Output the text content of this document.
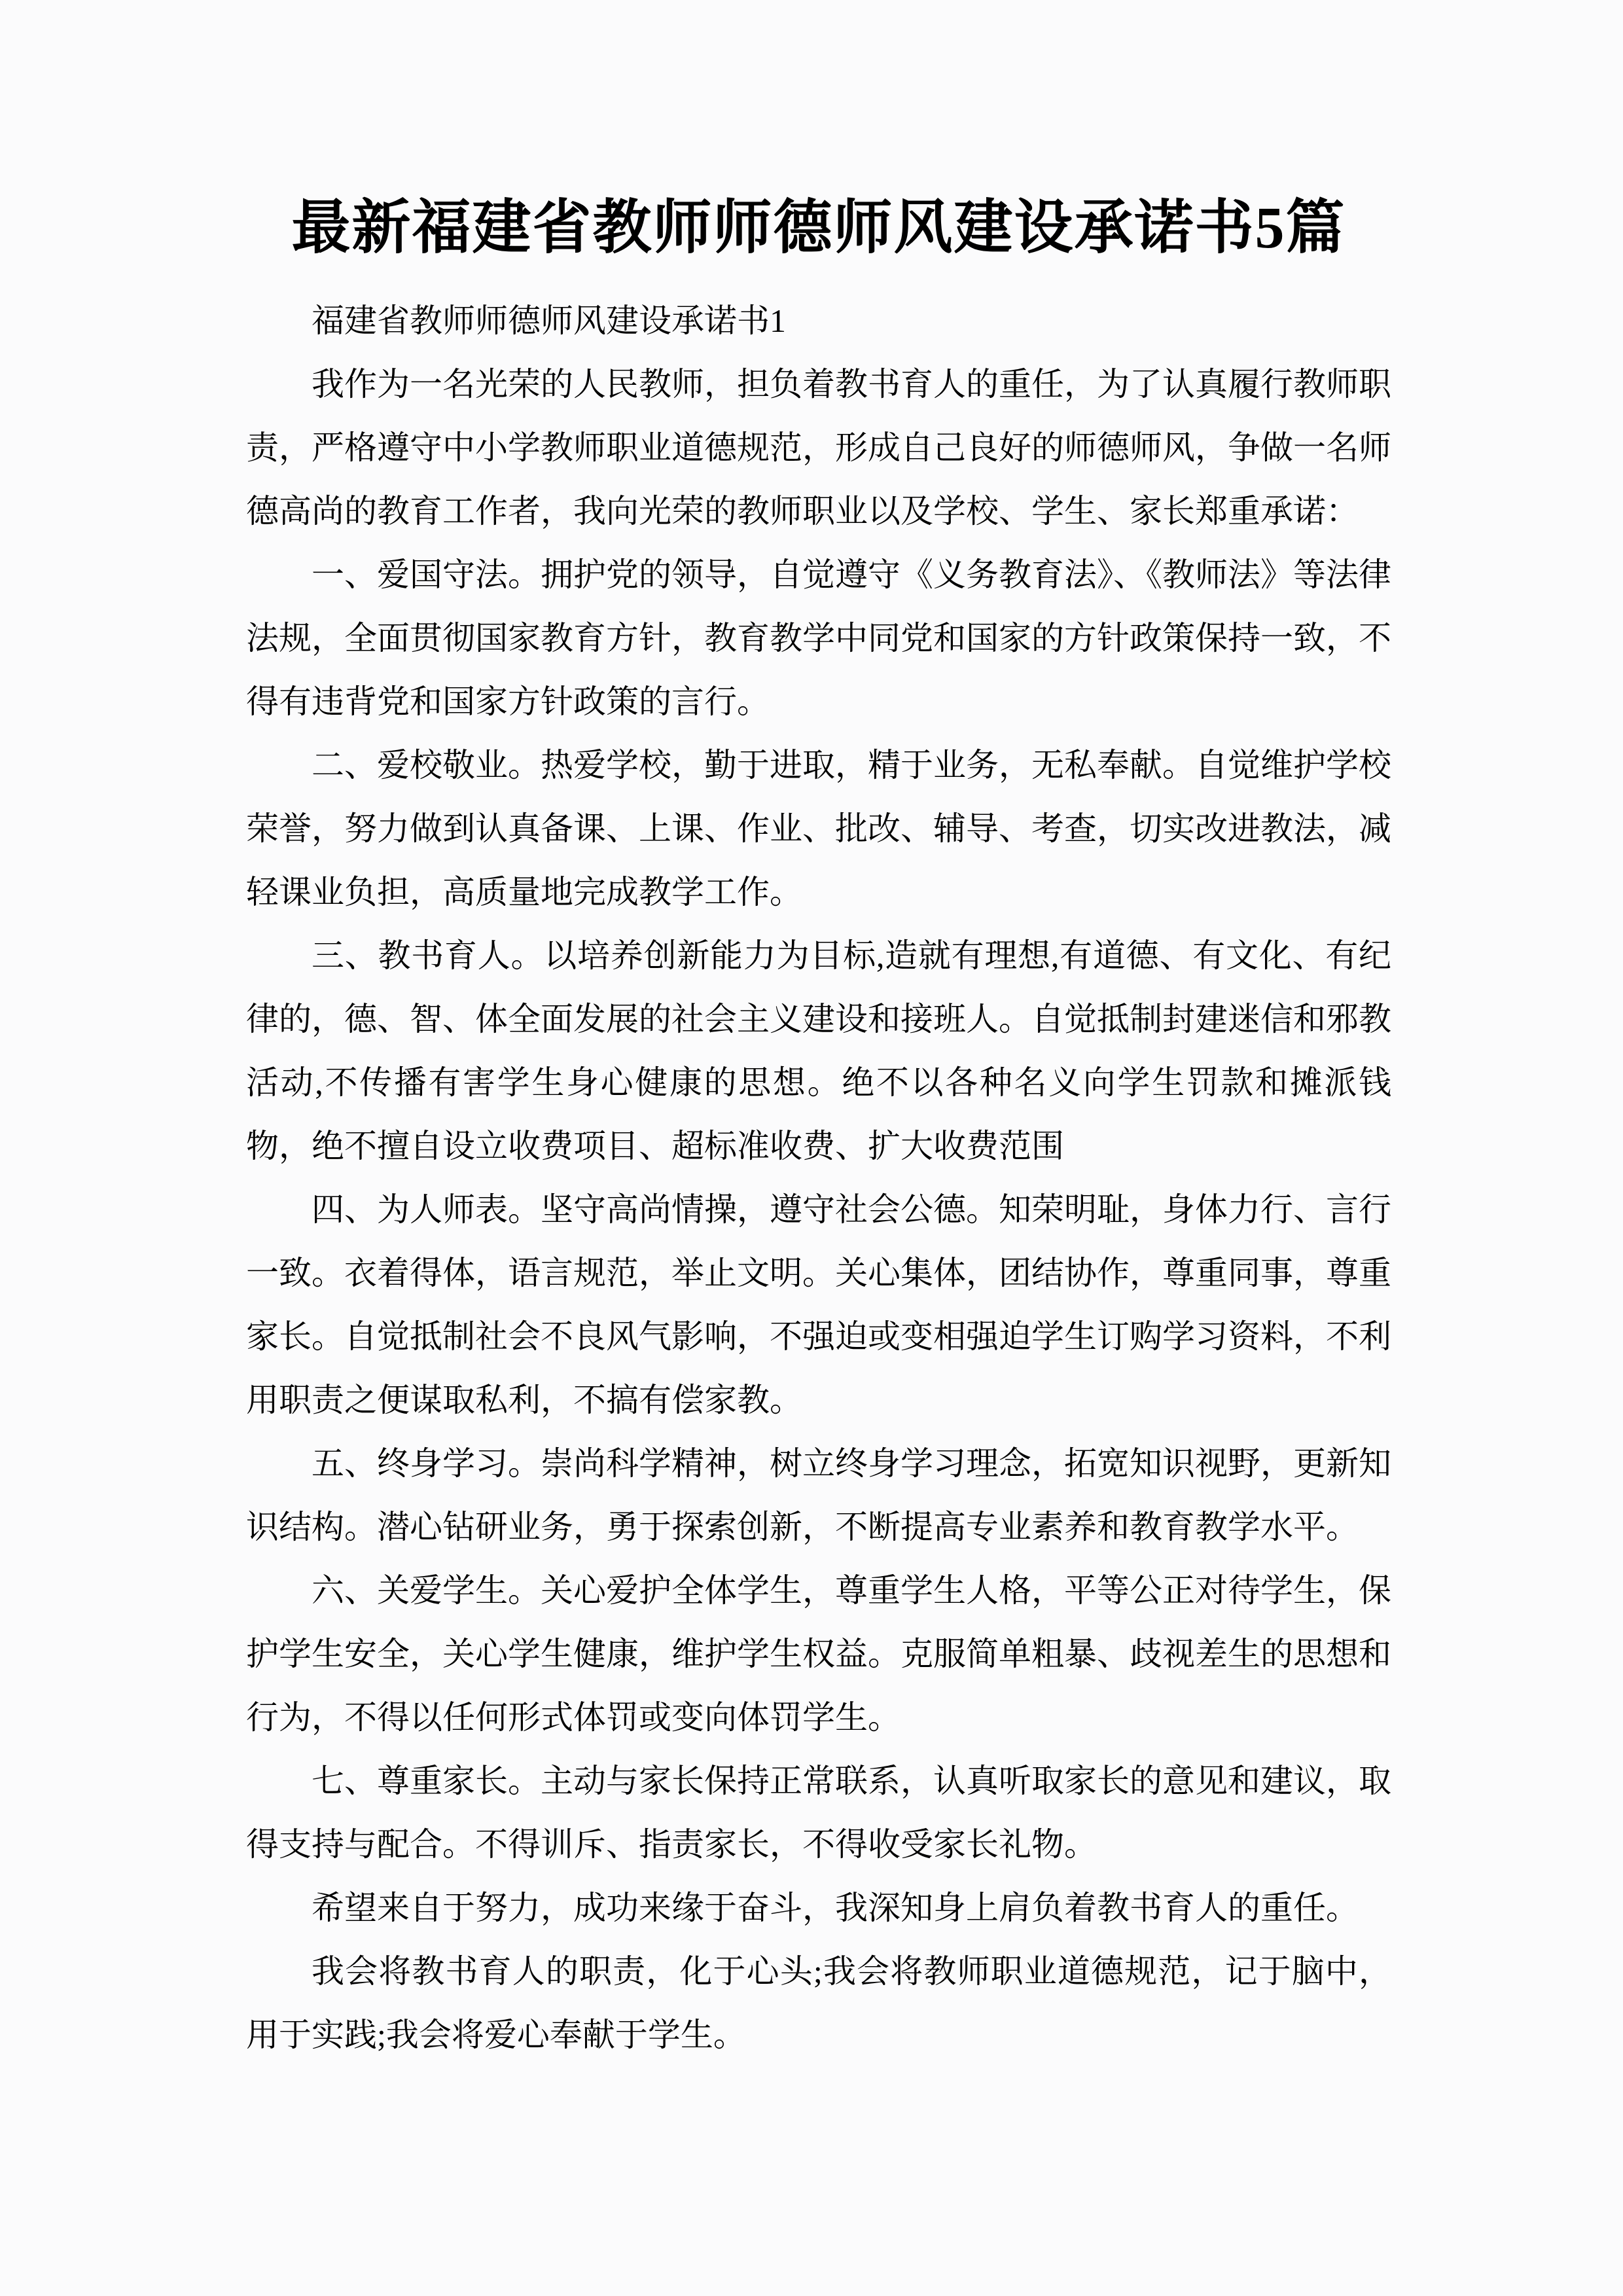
最新福建省教师师德师风建设承诺书5篇

福建省教师师德师风建设承诺书1

我作为一名光荣的人民教师，担负着教书育人的重任，为了认真履行教师职责，严格遵守中小学教师职业道德规范，形成自己良好的师德师风，争做一名师德高尚的教育工作者，我向光荣的教师职业以及学校、学生、家长郑重承诺：

一、爱国守法。拥护党的领导，自觉遵守《义务教育法》、《教师法》等法律法规，全面贯彻国家教育方针，教育教学中同党和国家的方针政策保持一致，不得有违背党和国家方针政策的言行。

二、爱校敬业。热爱学校，勤于进取，精于业务，无私奉献。自觉维护学校荣誉，努力做到认真备课、上课、作业、批改、辅导、考查，切实改进教法，减轻课业负担，高质量地完成教学工作。

三、教书育人。以培养创新能力为目标,造就有理想,有道德、有文化、有纪律的，德、智、体全面发展的社会主义建设和接班人。自觉抵制封建迷信和邪教活动,不传播有害学生身心健康的思想。绝不以各种名义向学生罚款和摊派钱物，绝不擅自设立收费项目、超标准收费、扩大收费范围

四、为人师表。坚守高尚情操，遵守社会公德。知荣明耻，身体力行、言行一致。衣着得体，语言规范，举止文明。关心集体，团结协作，尊重同事，尊重家长。自觉抵制社会不良风气影响，不强迫或变相强迫学生订购学习资料，不利用职责之便谋取私利，不搞有偿家教。

五、终身学习。崇尚科学精神，树立终身学习理念，拓宽知识视野，更新知识结构。潜心钻研业务，勇于探索创新，不断提高专业素养和教育教学水平。

六、关爱学生。关心爱护全体学生，尊重学生人格，平等公正对待学生，保护学生安全，关心学生健康，维护学生权益。克服简单粗暴、歧视差生的思想和行为，不得以任何形式体罚或变向体罚学生。

七、尊重家长。主动与家长保持正常联系，认真听取家长的意见和建议，取得支持与配合。不得训斥、指责家长，不得收受家长礼物。

希望来自于努力，成功来缘于奋斗，我深知身上肩负着教书育人的重任。

我会将教书育人的职责，化于心头;我会将教师职业道德规范，记于脑中，用于实践;我会将爱心奉献于学生。
